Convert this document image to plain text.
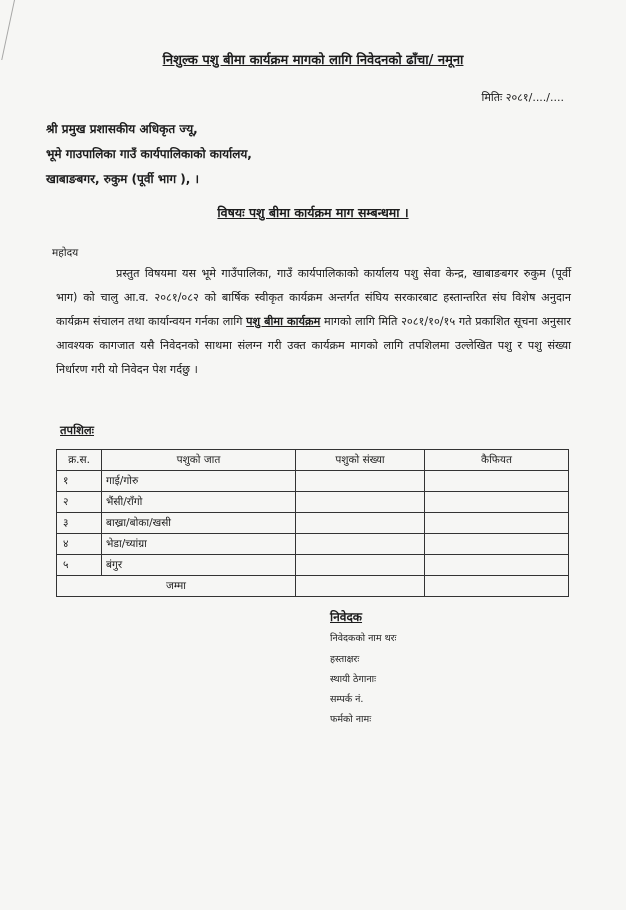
निशुल्क पशु बीमा कार्यक्रम मागको लागि निवेदनको ढाँचा/ नमूना
मितिः २०८१/..../....
श्री प्रमुख प्रशासकीय अधिकृत ज्यू,
भूमे गाउपालिका गाउँ कार्यपालिकाको कार्यालय,
खाबाङबगर, रुकुम (पूर्वी भाग ), ।
विषयः पशु बीमा कार्यक्रम माग सम्बन्धमा ।
महोदय
प्रस्तुत विषयमा यस भूमे गाउँपालिका, गाउँ कार्यपालिकाको कार्यालय पशु सेवा केन्द्र, खाबाङबगर रुकुम (पूर्वी भाग) को चालु आ.व. २०८१/०८२ को बार्षिक स्वीकृत कार्यक्रम अन्तर्गत संघिय सरकारबाट हस्तान्तरित संघ विशेष अनुदान कार्यक्रम संचालन तथा कार्यान्वयन गर्नका लागि पशु बीमा कार्यक्रम मागको लागि मिति २०८१/१०/१५ गते प्रकाशित सूचना अनुसार आवश्यक कागजात यसै निवेदनको साथमा संलग्न गरी उक्त कार्यक्रम मागको लागि तपशिलमा उल्लेखित पशु र पशु संख्या निर्धारण गरी यो निवेदन पेश गर्दछु ।
तपशिलः
क्र.स.	पशुको जात	पशुको संख्या	कैफियत
१	गाई/गोरु		
२	भैंसी/राँगो		
३	बाख्रा/बोका/खसी		
४	भेडा/च्यांग्रा		
५	बंगुर		
जम्मा			
निवेदक
निवेदकको नाम थरः
हस्ताक्षरः
स्थायी ठेगानाः
सम्पर्क नं.
फर्मको नामः
